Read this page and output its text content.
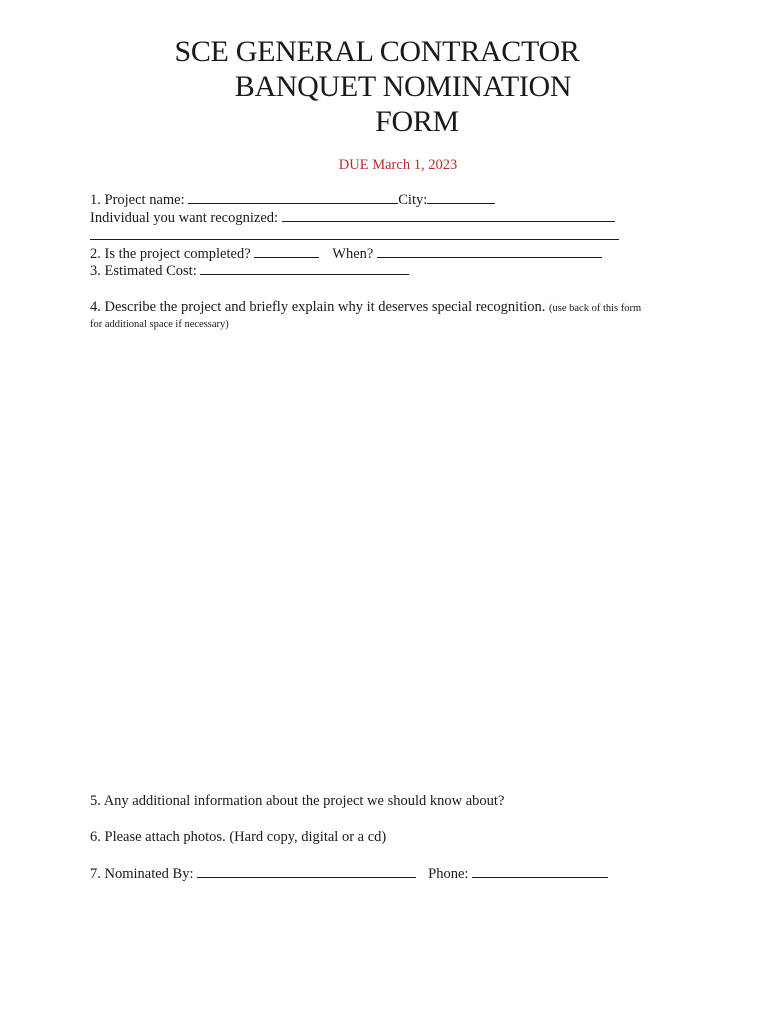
SCE GENERAL CONTRACTOR
BANQUET NOMINATION
FORM
DUE March 1, 2023
1. Project name:	City:
Individual you want recognized:
2. Is the project completed?	When?
3. Estimated Cost:
4. Describe the project and briefly explain why it deserves special recognition. (use back of this form
for additional space if necessary)
5. Any additional information about the project we should know about?
6. Please attach photos. (Hard copy, digital or a cd)
7. Nominated By:	Phone:
